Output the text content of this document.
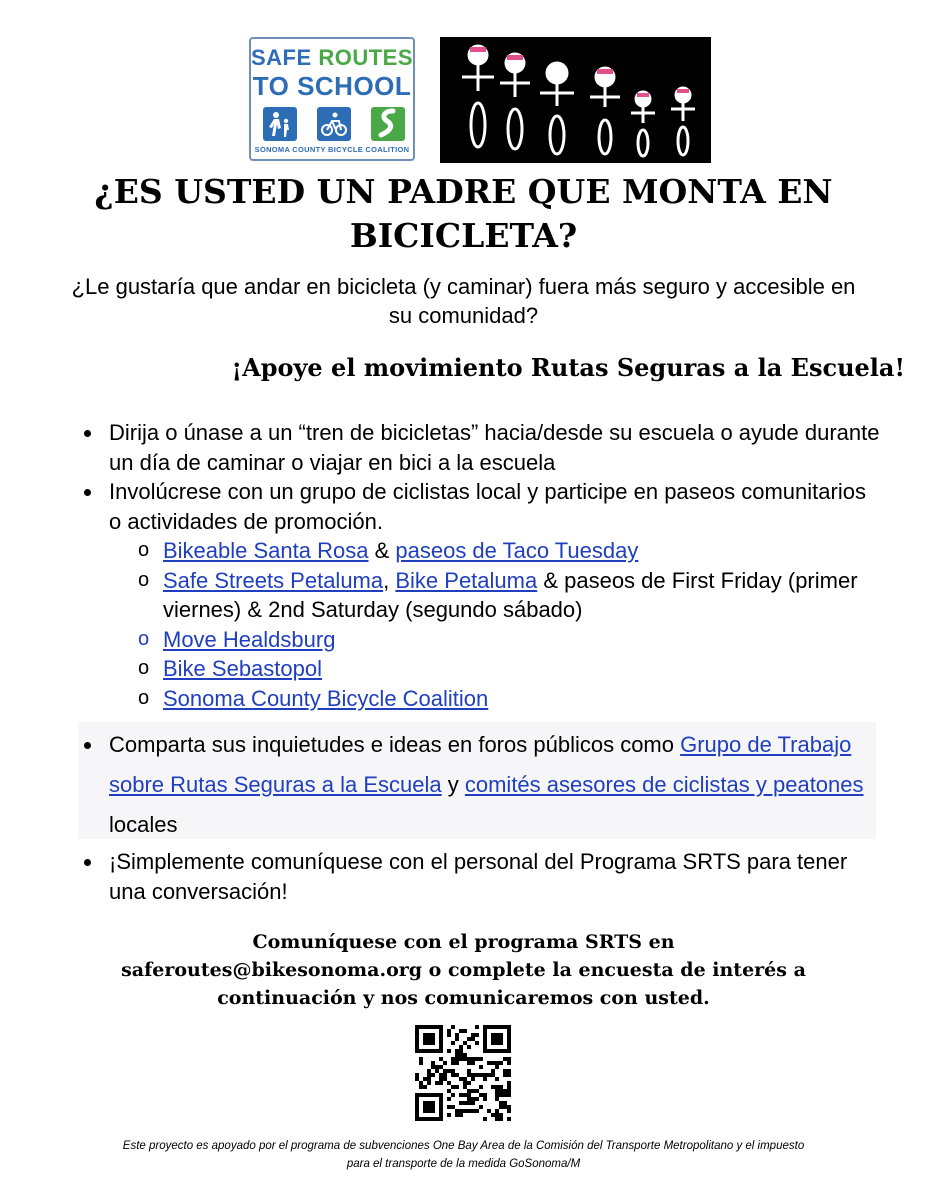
SAFE ROUTES
TO SCHOOL
SONOMA COUNTY BICYCLE COALITION
¿ES USTED UN PADRE QUE MONTA EN BICICLETA?
¿Le gustaría que andar en bicicleta (y caminar) fuera más seguro y accesible en su comunidad?
¡Apoye el movimiento Rutas Seguras a la Escuela!
Dirija o únase a un “tren de bicicletas” hacia/desde su escuela o ayude durante un día de caminar o viajar en bici a la escuela
Involúcrese con un grupo de ciclistas local y participe en paseos comunitarios o actividades de promoción.
o Bikeable Santa Rosa & paseos de Taco Tuesday
o Safe Streets Petaluma, Bike Petaluma & paseos de First Friday (primer viernes) & 2nd Saturday (segundo sábado)
o Move Healdsburg
o Bike Sebastopol
o Sonoma County Bicycle Coalition
Comparta sus inquietudes e ideas en foros públicos como Grupo de Trabajo sobre Rutas Seguras a la Escuela y comités asesores de ciclistas y peatones locales
¡Simplemente comuníquese con el personal del Programa SRTS para tener una conversación!
Comuníquese con el programa SRTS en
saferoutes@bikesonoma.org o complete la encuesta de interés a
continuación y nos comunicaremos con usted.
Este proyecto es apoyado por el programa de subvenciones One Bay Area de la Comisión del Transporte Metropolitano y el impuesto
para el transporte de la medida GoSonoma/M
